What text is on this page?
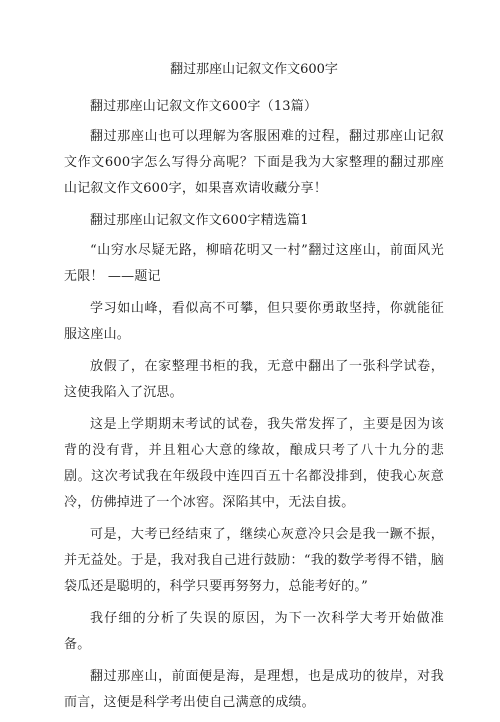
翻过那座山记叙文作文600字

翻过那座山记叙文作文600字（13篇）

翻过那座山也可以理解为客服困难的过程，翻过那座山记叙文作文600字怎么写得分高呢？下面是我为大家整理的翻过那座山记叙文作文600字，如果喜欢请收藏分享！

翻过那座山记叙文作文600字精选篇1

“山穷水尽疑无路，柳暗花明又一村”翻过这座山，前面风光无限！ ——题记

学习如山峰，看似高不可攀，但只要你勇敢坚持，你就能征服这座山。

放假了，在家整理书柜的我，无意中翻出了一张科学试卷，这使我陷入了沉思。

这是上学期期末考试的试卷，我失常发挥了，主要是因为该背的没有背，并且粗心大意的缘故，酿成只考了八十九分的悲剧。这次考试我在年级段中连四百五十名都没排到，使我心灰意冷，仿佛掉进了一个冰窖。深陷其中，无法自拔。

可是，大考已经结束了，继续心灰意冷只会是我一蹶不振，并无益处。于是，我对我自己进行鼓励：“我的数学考得不错，脑袋瓜还是聪明的，科学只要再努努力，总能考好的。”

我仔细的分析了失误的原因，为下一次科学大考开始做准备。

翻过那座山，前面便是海，是理想，也是成功的彼岸，对我而言，这便是科学考出使自己满意的成绩。
